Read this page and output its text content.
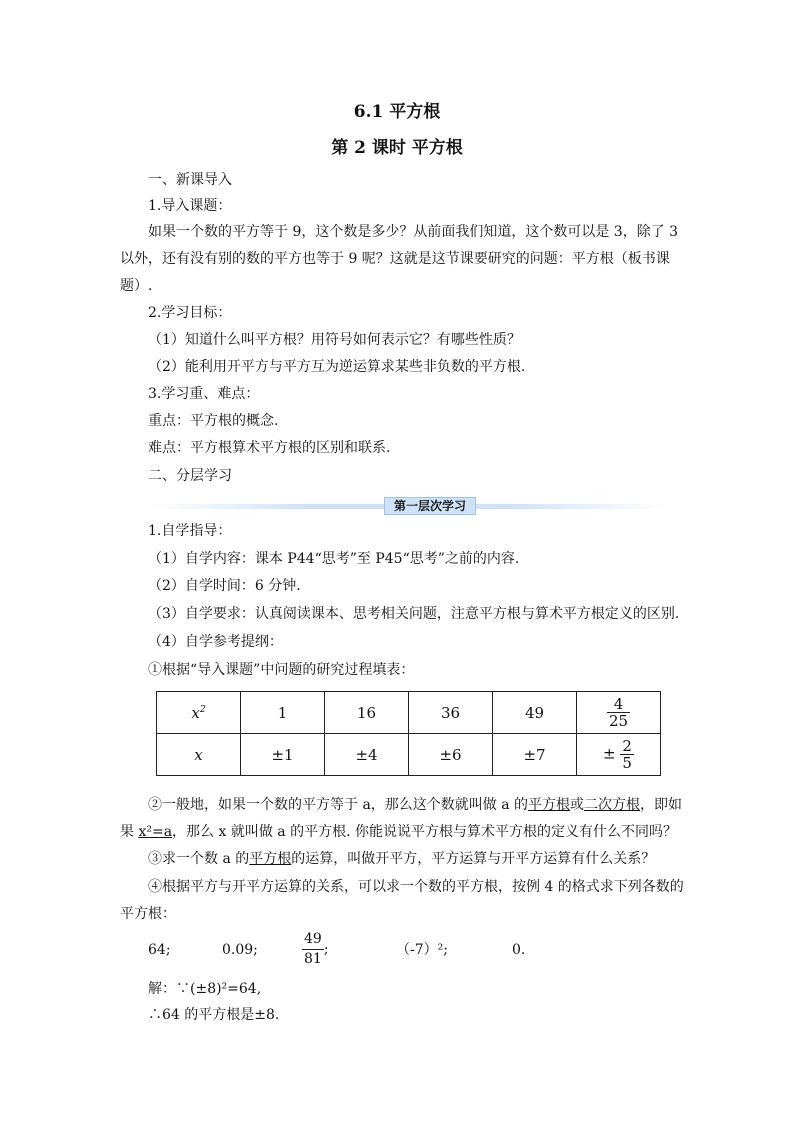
6.1 平方根
第 2 课时 平方根
一、新课导入
1.导入课题：
如果一个数的平方等于 9，这个数是多少？从前面我们知道，这个数可以是 3，除了 3
以外，还有没有别的数的平方也等于 9 呢？这就是这节课要研究的问题：平方根（板书课
题）.
2.学习目标：
（1）知道什么叫平方根？用符号如何表示它？有哪些性质？
（2）能利用开平方与平方互为逆运算求某些非负数的平方根.
3.学习重、难点：
重点：平方根的概念.
难点：平方根算术平方根的区别和联系.
二、分层学习
第一层次学习
1.自学指导：
（1）自学内容：课本 P44“思考”至 P45“思考”之前的内容.
（2）自学时间：6 分钟.
（3）自学要求：认真阅读课本、思考相关问题，注意平方根与算术平方根定义的区别.
（4）自学参考提纲：
①根据“导入课题”中问题的研究过程填表：
$x^2$	1	16	36	49	$\frac{4}{25}$

x	±1	±4	±6	±7	± $\frac{2}{5}$
②一般地，如果一个数的平方等于 a，那么这个数就叫做 a 的平方根或二次方根，即如
果 x²=a，那么 x 就叫做 a 的平方根. 你能说说平方根与算术平方根的定义有什么不同吗？
③求一个数 a 的平方根的运算，叫做开平方，平方运算与开平方运算有什么关系？
④根据平方与开平方运算的关系，可以求一个数的平方根，按例 4 的格式求下列各数的
平方根：
64;	0.09;	$\frac{49}{81}$ ;	（-7）²;	0.
解：∵(±8)²=64,
∴64 的平方根是±8.
